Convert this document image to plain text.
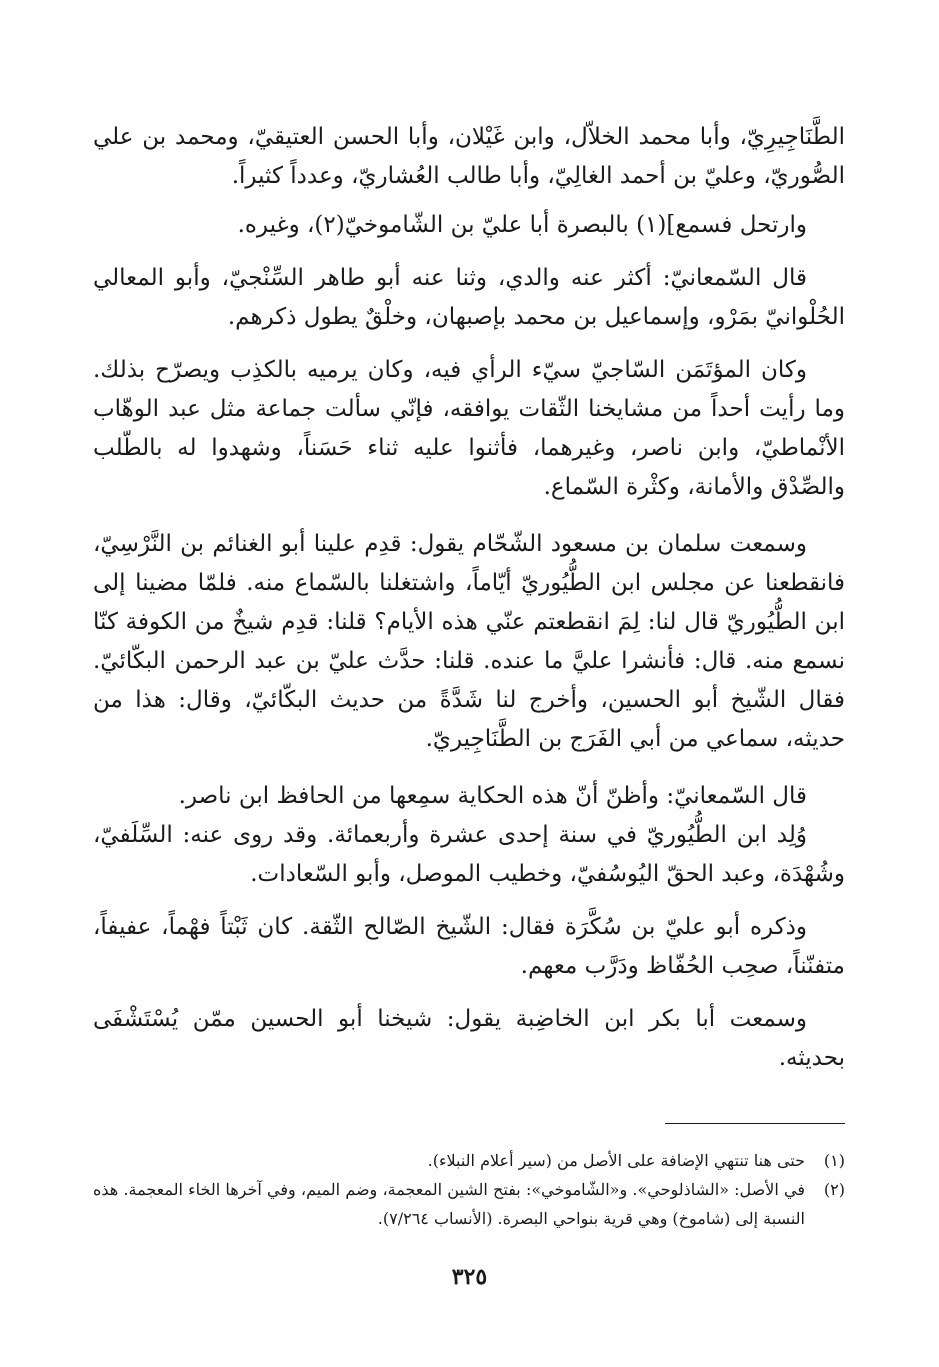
الطَّنَاجِيرِيّ، وأبا محمد الخلاّل، وابن غَيْلان، وأبا الحسن العتيقيّ، ومحمد بن علي الصُّوريّ، وعليّ بن أحمد الغالِيّ، وأبا طالب العُشاريّ، وعدداً كثيراً.

وارتحل فسمع](١) بالبصرة أبا عليّ بن الشّاموخيّ(٢)، وغيره.

قال السّمعانيّ: أكثر عنه والدي، وثنا عنه أبو طاهر السِّنْجيّ، وأبو المعالي الحُلْوانيّ بمَرْو، وإسماعيل بن محمد بإصبهان، وخلْقٌ يطول ذكرهم.

وكان المؤتَمَن السّاجيّ سيّء الرأي فيه، وكان يرميه بالكذِب ويصرّح بذلك. وما رأيت أحداً من مشايخنا الثّقات يوافقه، فإنّي سألت جماعة مثل عبد الوهّاب الأنْماطيّ، وابن ناصر، وغيرهما، فأثنوا عليه ثناء حَسَناً، وشهدوا له بالطّلب والصِّدْق والأمانة، وكثْرة السّماع.

وسمعت سلمان بن مسعود الشّحّام يقول: قدِم علينا أبو الغنائم بن النَّرْسِيّ، فانقطعنا عن مجلس ابن الطُّيُوريّ أيّاماً، واشتغلنا بالسّماع منه. فلمّا مضينا إلى ابن الطُّيُوريّ قال لنا: لِمَ انقطعتم عنّي هذه الأيام؟ قلنا: قدِم شيخٌ من الكوفة كنّا نسمع منه. قال: فأنشرا عليَّ ما عنده. قلنا: حدَّث عليّ بن عبد الرحمن البكّائيّ. فقال الشّيخ أبو الحسين، وأخرج لنا شَدَّةً من حديث البكّائيّ، وقال: هذا من حديثه، سماعي من أبي الفَرَج بن الطَّنَاجِيريّ.

قال السّمعانيّ: وأظنّ أنّ هذه الحكاية سمِعها من الحافظ ابن ناصر.

وُلِد ابن الطُّيُوريّ في سنة إحدى عشرة وأربعمائة. وقد روى عنه: السِّلَفيّ، وشُهْدَة، وعبد الحقّ اليُوسُفيّ، وخطيب الموصل، وأبو السّعادات.

وذكره أبو عليّ بن سُكَّرَة فقال: الشّيخ الصّالح الثّقة. كان ثَبْتاً فهْماً، عفيفاً، متفنّناً، صحِب الحُفّاظ ودَرَّب معهم.

وسمعت أبا بكر ابن الخاضِبة يقول: شيخنا أبو الحسين ممّن يُسْتَشْفَى بحديثه.

(١)
حتى هنا تنتهي الإضافة على الأصل من (سير أعلام النبلاء).
(٢)
في الأصل: «الشاذلوحي». و«الشّاموخي»: بفتح الشين المعجمة، وضم الميم، وفي آخرها الخاء المعجمة. هذه النسبة إلى (شاموخ) وهي قرية بنواحي البصرة. (الأنساب ٧/٢٦٤).
٣٢٥
